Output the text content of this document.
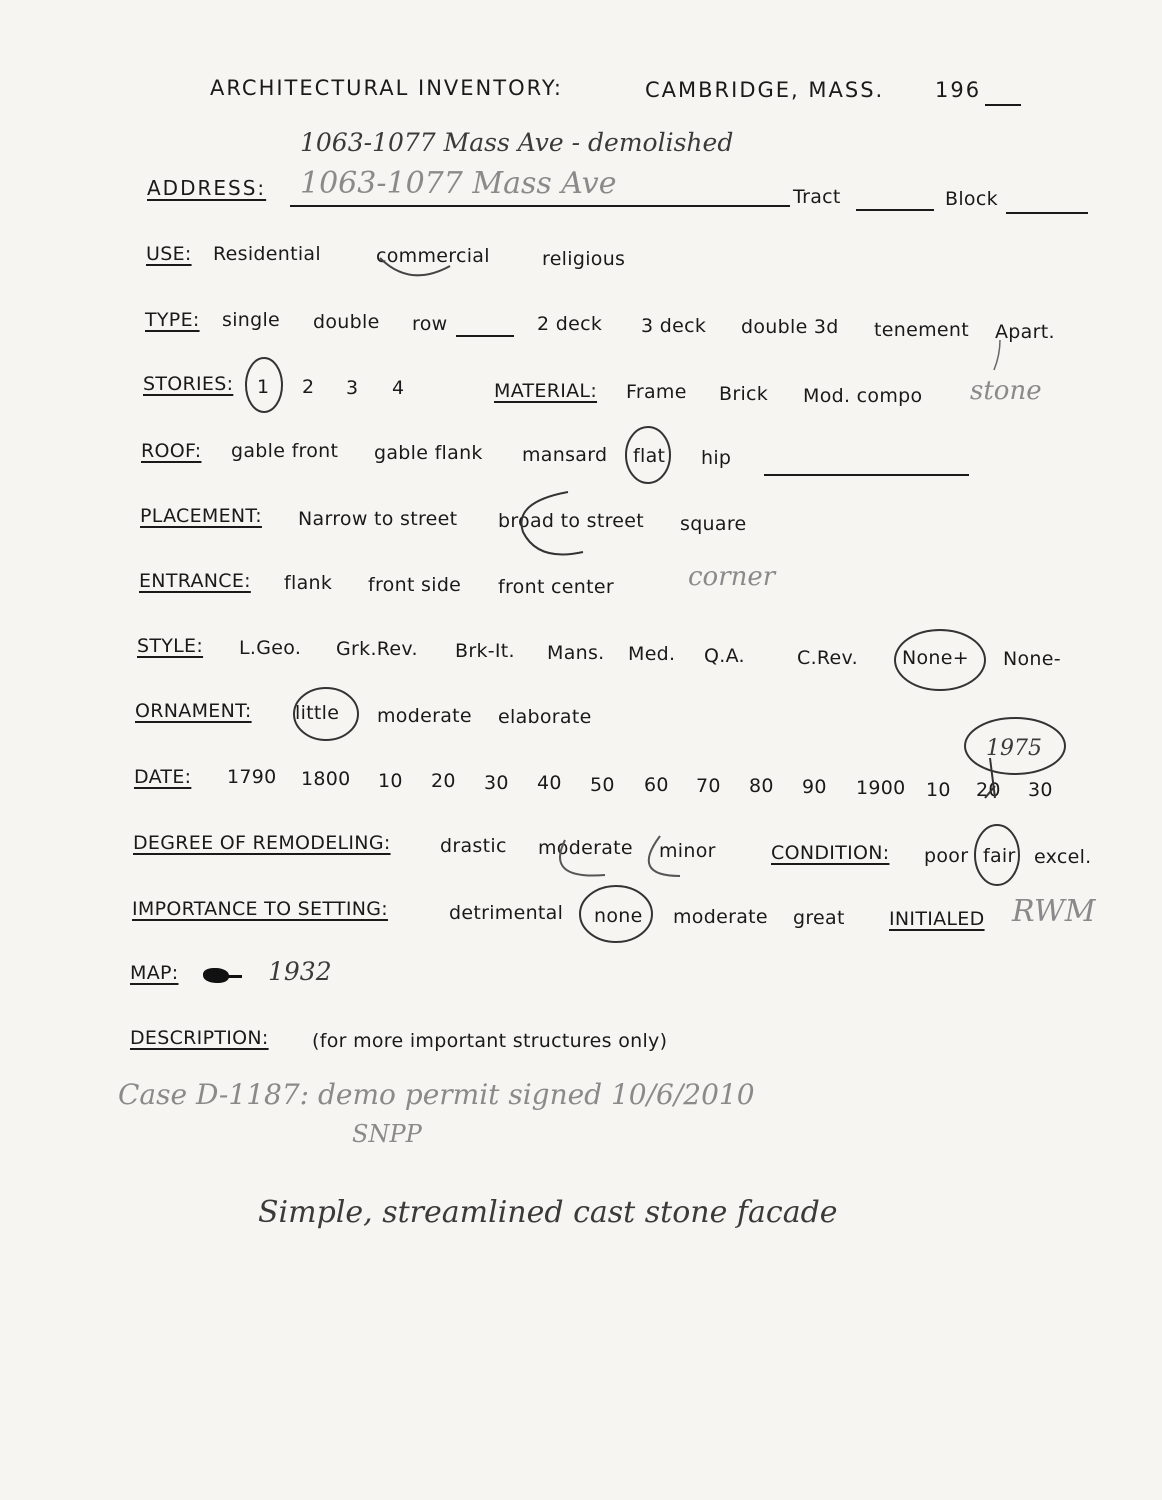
ARCHITECTURAL INVENTORY:	CAMBRIDGE, MASS. 196
1063-1077 Mass Ave - demolished
ADDRESS: 1063-1077 Mass Ave	Tract	Block
USE: Residential	commercial	religious
TYPE: single double row	2 deck 3 deck double 3d tenement Apart.
STORIES: 1 2 3 4	MATERIAL: Frame Brick Mod. compo stone
ROOF: gable front gable flank mansard flat hip
PLACEMENT: Narrow to street broad to street square
ENTRANCE: flank front side front center	corner
STYLE: L.Geo. Grk.Rev. Brk-It. Mans. Med. Q.A.	C.Rev. None+ None-
ORNAMENT: little moderate elaborate
DATE: 1790 1800 10 20 30 40 50 60 70 80 90 1900 10 20 30
1975
DEGREE OF REMODELING:	drastic moderate minor	CONDITION: poor fair excel.
IMPORTANCE TO SETTING:	detrimental none moderate great INITIALED RWM
MAP:	1932
DESCRIPTION: (for more important structures only)
Case D-1187: demo permit signed 10/6/2010
SNPP
Simple, streamlined cast stone facade
